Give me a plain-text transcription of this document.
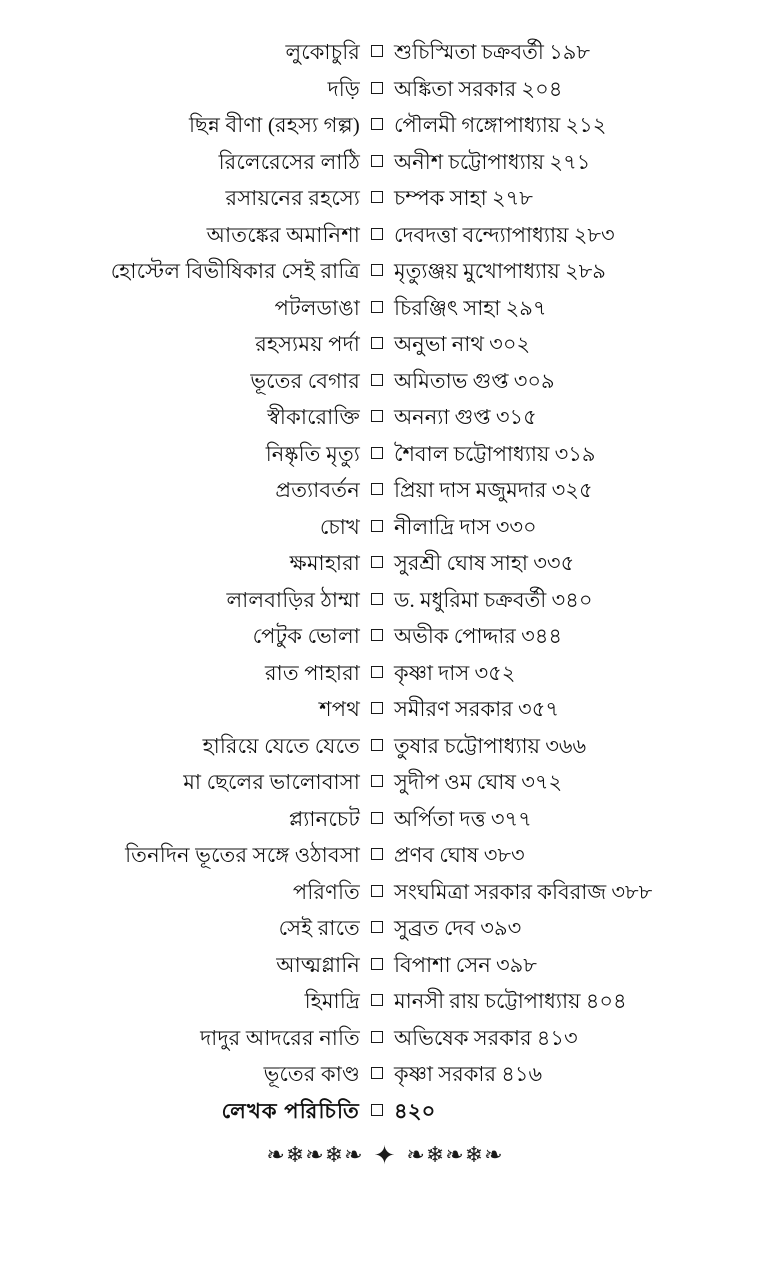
লুকোচুরি		শুচিস্মিতা চক্রবর্তী ১৯৮
দড়ি		অঙ্কিতা সরকার ২০৪
ছিন্ন বীণা (রহস্য গল্প)		পৌলমী গঙ্গোপাধ্যায় ২১২
রিলেরেসের লাঠি		অনীশ চট্টোপাধ্যায় ২৭১
রসায়নের রহস্যে		চম্পক সাহা ২৭৮
আতঙ্কের অমানিশা		দেবদত্তা বন্দ্যোপাধ্যায় ২৮৩
হোস্টেল বিভীষিকার সেই রাত্রি		মৃত্যুঞ্জয় মুখোপাধ্যায় ২৮৯
পটলডাঙা		চিরঞ্জিৎ সাহা ২৯৭
রহস্যময় পর্দা		অনুভা নাথ ৩০২
ভূতের বেগার		অমিতাভ গুপ্ত ৩০৯
স্বীকারোক্তি		অনন্যা গুপ্ত ৩১৫
নিষ্কৃতি মৃত্যু		শৈবাল চট্টোপাধ্যায় ৩১৯
প্রত্যাবর্তন		প্রিয়া দাস মজুমদার ৩২৫
চোখ		নীলাদ্রি দাস ৩৩০
ক্ষমাহারা		সুরশ্রী ঘোষ সাহা ৩৩৫
লালবাড়ির ঠাম্মা		ড. মধুরিমা চক্রবর্তী ৩৪০
পেটুক ভোলা		অভীক পোদ্দার ৩৪৪
রাত পাহারা		কৃষ্ণা দাস ৩৫২
শপথ		সমীরণ সরকার ৩৫৭
হারিয়ে যেতে যেতে		তুষার চট্টোপাধ্যায় ৩৬৬
মা ছেলের ভালোবাসা		সুদীপ ওম ঘোষ ৩৭২
প্ল্যানচেট		অর্পিতা দত্ত ৩৭৭
তিনদিন ভূতের সঙ্গে ওঠাবসা		প্রণব ঘোষ ৩৮৩
পরিণতি		সংঘমিত্রা সরকার কবিরাজ ৩৮৮
সেই রাতে		সুব্রত দেব ৩৯৩
আত্মগ্লানি		বিপাশা সেন ৩৯৮
হিমাদ্রি		মানসী রায় চট্টোপাধ্যায় ৪০৪
দাদুর আদরের নাতি		অভিষেক সরকার ৪১৩
ভূতের কাণ্ড		কৃষ্ণা সরকার ৪১৬
লেখক পরিচিতি		৪২০
❧❄❧❄❧ ✦ ❧❄❧❄❧
